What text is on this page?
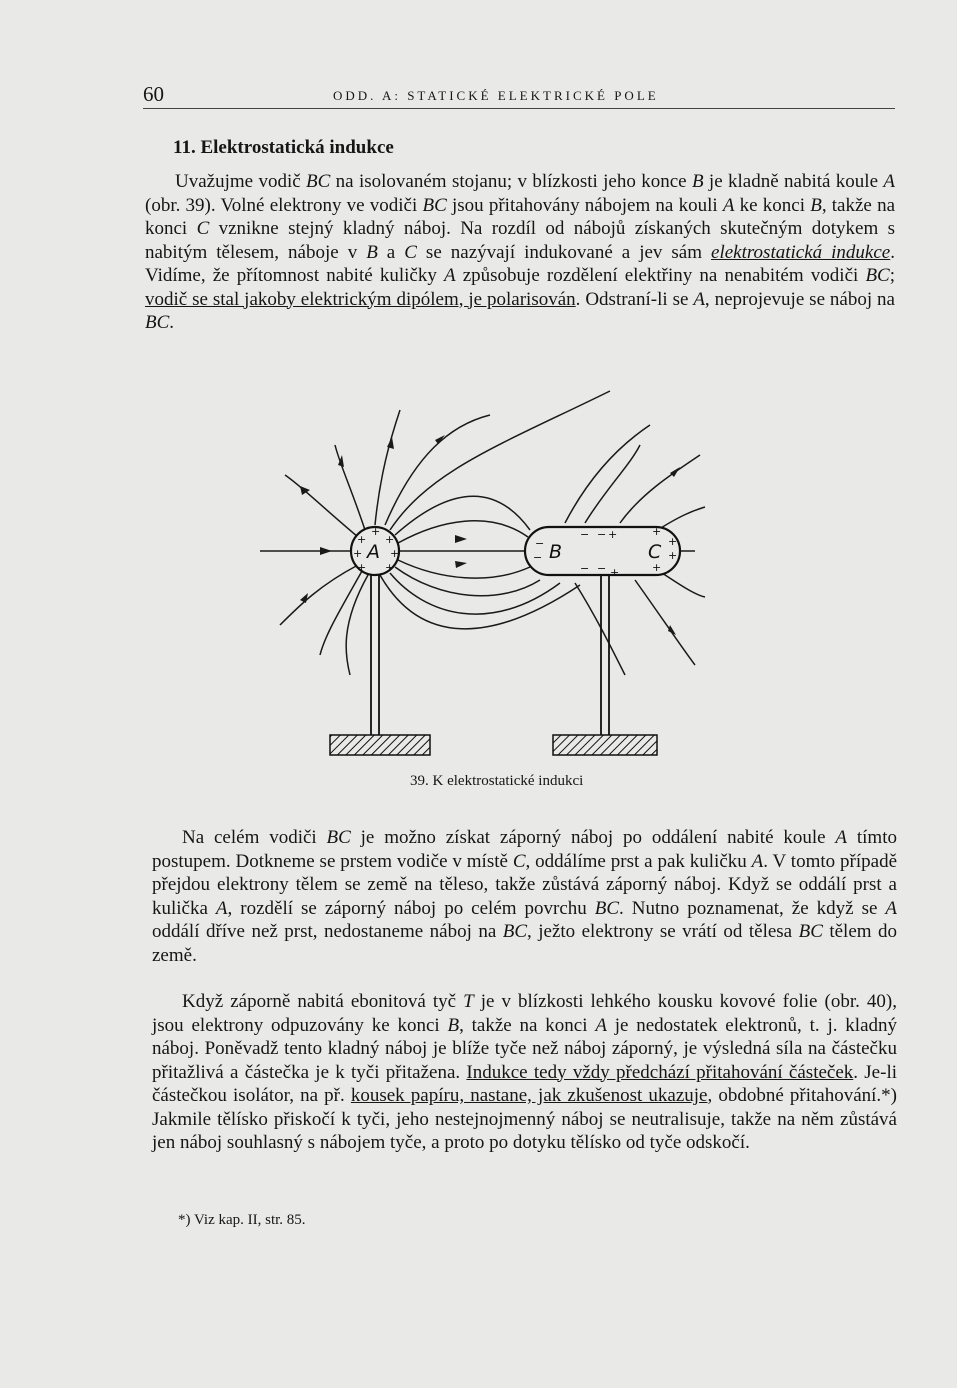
60	ODD. A: STATICKÉ ELEKTRICKÉ POLE
11. Elektrostatická indukce

Uvažujme vodič BC na isolovaném stojanu; v blízkosti jeho konce B je kladně nabitá koule A (obr. 39). Volné elektrony ve vodiči BC jsou přitahovány nábojem na kouli A ke konci B, takže na konci C vznikne stejný kladný náboj. Na rozdíl od nábojů získaných skutečným dotykem s nabitým tělesem, náboje v B a C se nazývají indukované a jev sám elektrostatická indukce. Vidíme, že přítomnost nabité kuličky A způsobuje rozdělení elektřiny na nenabitém vodiči BC; vodič se stal jakoby elektrickým dipólem, je polarisován. Odstraní-li se A, neprojevuje se náboj na BC.

A
+
+ +
+	+
+ +
B	C
−
−
−
−
−
−
+
+
+
+
+
+
39. K elektrostatické indukci

Na celém vodiči BC je možno získat záporný náboj po oddálení nabité koule A tímto postupem. Dotkneme se prstem vodiče v místě C, oddálíme prst a pak kuličku A. V tomto případě přejdou elektrony tělem se země na těleso, takže zůstává záporný náboj. Když se oddálí prst a kulička A, rozdělí se záporný náboj po celém povrchu BC. Nutno poznamenat, že když se A oddálí dříve než prst, nedostaneme náboj na BC, ježto elektrony se vrátí od tělesa BC tělem do země.

Když záporně nabitá ebonitová tyč T je v blízkosti lehkého kousku kovové folie (obr. 40), jsou elektrony odpuzovány ke konci B, takže na konci A je nedostatek elektronů, t. j. kladný náboj. Poněvadž tento kladný náboj je blíže tyče než náboj záporný, je výsledná síla na částečku přitažlivá a částečka je k tyči přitažena. Indukce tedy vždy předchází přitahování částeček. Je-li částečkou isolátor, na př. kousek papíru, nastane, jak zkušenost ukazuje, obdobné přitahování.*) Jakmile tělísko přiskočí k tyči, jeho nestejnojmenný náboj se neutralisuje, takže na něm zůstává jen náboj souhlasný s nábojem tyče, a proto po dotyku tělísko od tyče odskočí.

*) Viz kap. II, str. 85.
